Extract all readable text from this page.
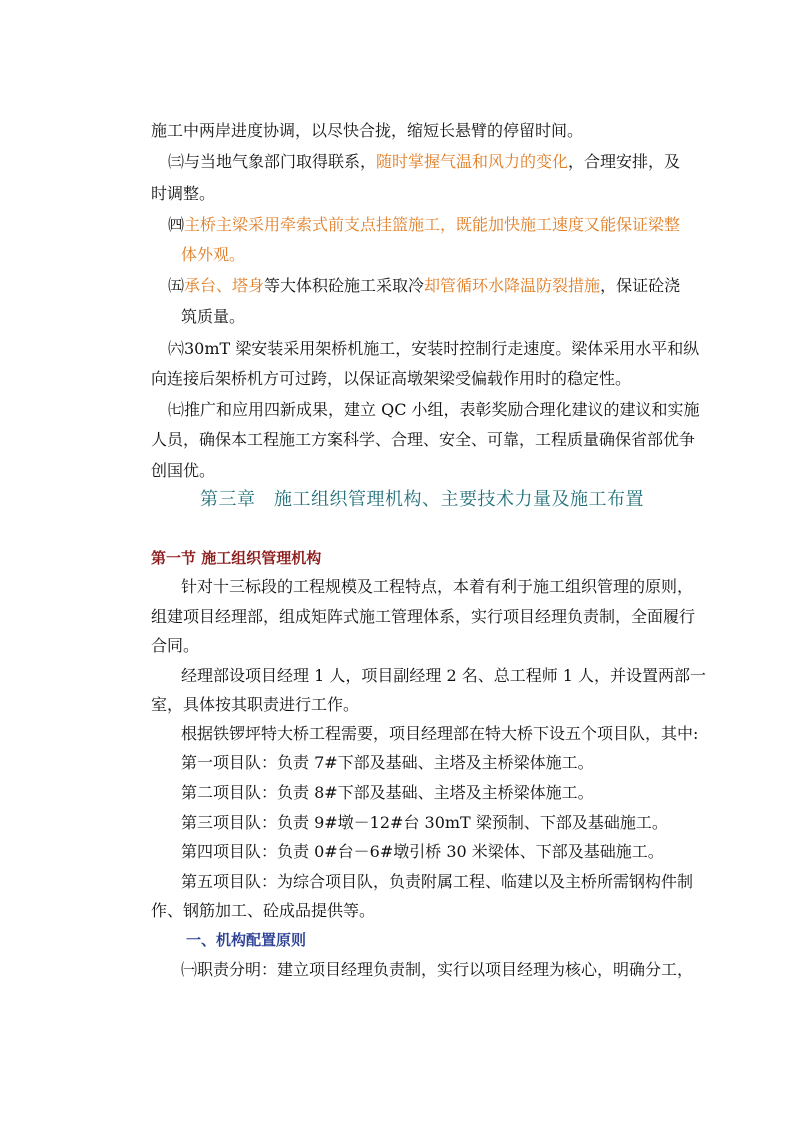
施工中两岸进度协调，以尽快合拢，缩短长悬臂的停留时间。
㈢与当地气象部门取得联系，随时掌握气温和风力的变化，合理安排，及
时调整。
㈣主桥主梁采用牵索式前支点挂篮施工，既能加快施工速度又能保证梁整
体外观。
㈤承台、塔身等大体积砼施工采取冷却管循环水降温防裂措施，保证砼浇
筑质量。
㈥30mT 梁安装采用架桥机施工，安装时控制行走速度。梁体采用水平和纵
向连接后架桥机方可过跨，以保证高墩架梁受偏载作用时的稳定性。
㈦推广和应用四新成果，建立 QC 小组，表彰奖励合理化建议的建议和实施
人员，确保本工程施工方案科学、合理、安全、可靠，工程质量确保省部优争
创国优。
第三章　施工组织管理机构、主要技术力量及施工布置
第一节 施工组织管理机构
针对十三标段的工程规模及工程特点，本着有利于施工组织管理的原则，
组建项目经理部，组成矩阵式施工管理体系，实行项目经理负责制，全面履行
合同。
经理部设项目经理 1 人，项目副经理 2 名、总工程师 1 人，并设置两部一
室，具体按其职责进行工作。
根据铁锣坪特大桥工程需要，项目经理部在特大桥下设五个项目队，其中:
第一项目队：负责 7#下部及基础、主塔及主桥梁体施工。
第二项目队：负责 8#下部及基础、主塔及主桥梁体施工。
第三项目队：负责 9#墩－12#台 30mT 梁预制、下部及基础施工。
第四项目队：负责 0#台－6#墩引桥 30 米梁体、下部及基础施工。
第五项目队：为综合项目队，负责附属工程、临建以及主桥所需钢构件制
作、钢筋加工、砼成品提供等。
一、机构配置原则
㈠职责分明：建立项目经理负责制，实行以项目经理为核心，明确分工，
